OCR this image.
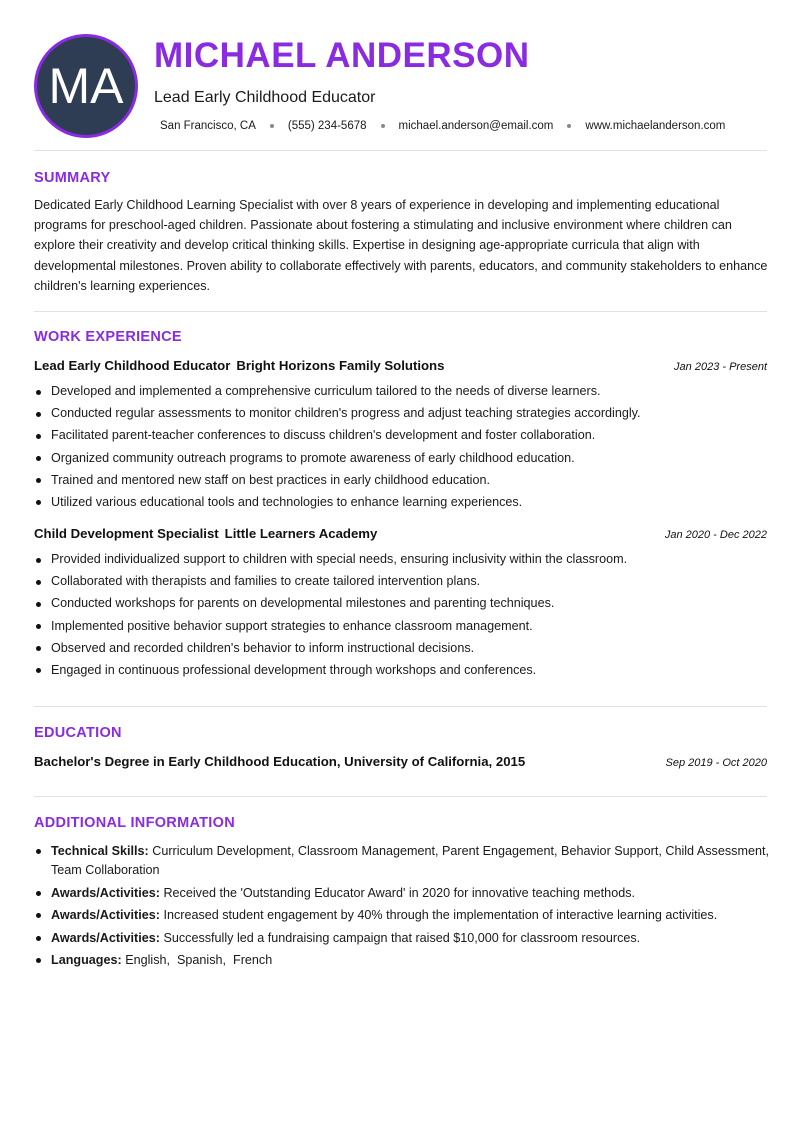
MA
MICHAEL ANDERSON
Lead Early Childhood Educator
San Francisco, CA	(555) 234-5678	michael.anderson@email.com	www.michaelanderson.com
SUMMARY
Dedicated Early Childhood Learning Specialist with over 8 years of experience in developing and implementing educational programs for preschool-aged children. Passionate about fostering a stimulating and inclusive environment where children can explore their creativity and develop critical thinking skills. Expertise in designing age-appropriate curricula that align with developmental milestones. Proven ability to collaborate effectively with parents, educators, and community stakeholders to enhance children's learning experiences.
WORK EXPERIENCE
Lead Early Childhood Educator Bright Horizons Family Solutions	Jan 2023 - Present
Developed and implemented a comprehensive curriculum tailored to the needs of diverse learners.
Conducted regular assessments to monitor children's progress and adjust teaching strategies accordingly.
Facilitated parent-teacher conferences to discuss children's development and foster collaboration.
Organized community outreach programs to promote awareness of early childhood education.
Trained and mentored new staff on best practices in early childhood education.
Utilized various educational tools and technologies to enhance learning experiences.
Child Development Specialist Little Learners Academy	Jan 2020 - Dec 2022
Provided individualized support to children with special needs, ensuring inclusivity within the classroom.
Collaborated with therapists and families to create tailored intervention plans.
Conducted workshops for parents on developmental milestones and parenting techniques.
Implemented positive behavior support strategies to enhance classroom management.
Observed and recorded children's behavior to inform instructional decisions.
Engaged in continuous professional development through workshops and conferences.
EDUCATION
Bachelor's Degree in Early Childhood Education, University of California, 2015	Sep 2019 - Oct 2020
ADDITIONAL INFORMATION
Technical Skills: Curriculum Development, Classroom Management, Parent Engagement, Behavior Support, Child Assessment, Team Collaboration
Awards/Activities: Received the 'Outstanding Educator Award' in 2020 for innovative teaching methods.
Awards/Activities: Increased student engagement by 40% through the implementation of interactive learning activities.
Awards/Activities: Successfully led a fundraising campaign that raised $10,000 for classroom resources.
Languages: English,  Spanish,  French
